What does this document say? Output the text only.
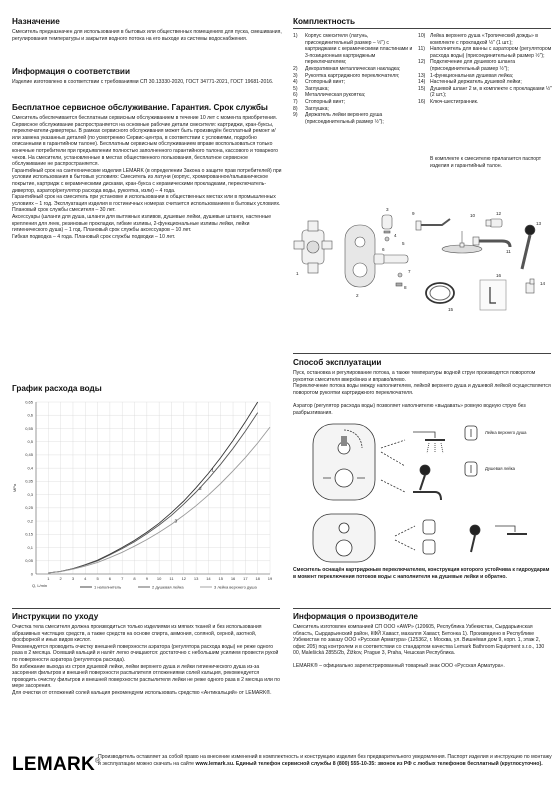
Назначение

Смеситель предназначен для использования в бытовых или общественных помещениях для пуска, смешивания, регулирования температуры и закрытия водного потока на его выходе из системы водоснабжения.

Информация о соответствии

Изделие изготовлено в соответствии с требованиями СП 30.13330-2020, ГОСТ 34771-2021, ГОСТ 19681-2016.

Бесплатное сервисное обслуживание. Гарантия. Срок службы

Смеситель обеспечивается бесплатным сервисным обслуживанием в течение 10 лет с момента приобретения. Сервисное обслуживание распространяется на основные рабочие детали смесителя: картриджи, кран-буксы, переключатели-дивертеры. В рамках сервисного обслуживания может быть произведён бесплатный ремонт и/или замена указанных деталей (по усмотрению Сервис-центра, в соответствии с условиями, подробно описанными в гарантийном талоне). Бесплатным сервисным обслуживанием вправе воспользоваться только конечные потребители при предъявлении полностью заполненного гарантийного талона, кассового и товарного чеков. На смесители, установленные в местах общественного пользования, бесплатное сервисное обслуживание не распространяется.

Гарантийный срок на сантехнические изделия LEMARK (в определении Закона о защите прав потребителей) при условии использования в бытовых условиях: Смеситель из латуни (корпус, хромированное/гальваническое покрытие, картридж с керамическими дисками, кран-букса с керамическими прокладками, переключатель-дивертор, аэратор/регулятор расхода воды, рукоятка, изли) – 4 года.

Гарантийный срок на смеситель при установке и использовании в общественных местах или в промышленных условиях – 1 год. Эксплуатация изделия в гостиничных номерах считается использованием в бытовых условиях.

Плановый срок службы смесителя – 30 лет.

Аксессуары (шланги для душа, шланги для вытяжных изливов, душевые лейки, душевые штанги, настенные крепления для леек, резиновые прокладки, гибкие изливы, 2-функциональные изливы лейки, лейки гигиенического душа) – 1 год. Плановый срок службы аксессуаров – 10 лет.

Гибкая подводка – 4 года. Плановый срок службы подводки – 10 лет.

График расхода воды
0
0,05
0,1
0,15
0,2
0,25
0,3
0,35
0,4
0,45
0,5
0,55
0,6
0,65
1	2	3	4	5	6	7	8	9 10 11 12 13 14 15 16 17 18 19
MPa
Q, L/min
1
2
3
1 наполнитель	2 душевая лейка	3 лейка верхнего душа
Комплектность
1)	Корпус смесителя (латунь, присоединительный размер – ½") с картриджами с керамическими пластинами и 3-позиционным картриджным переключателем;
2)	Декоративная металлическая накладка;
3)	Рукоятка картриджного переключателя;
4)	Стопорный винт;
5)	Заглушка;
6)	Металлическая рукоятка;
7)	Стопорный винт;
8)	Заглушка;
9)	Держатель лейки верхнего душа (присоединительный размер ½");
10) Лейка верхнего душа «Тропический дождь» в комплекте с прокладкой ½" (1 шт.);
11) Наполнитель для ванны с аэратором (регулятором расхода воды) (присоединительный размер ½");
12) Подключение для душевого шланга (присоединительный размер ½");
13) 1-функциональная душевая лейка;
14) Настенный держатель душевой лейки;
15) Душевой шланг 2 м, в комплекте с прокладками ½" (2 шт.);
16) Ключ-шестигранник.

В комплекте к смесителю прилагается паспорт изделия и гарантийный талон.

1
2
3
4
5
6
7
8
9	10
11
12
13
14
15
16
Способ эксплуатации

Пуск, остановка и регулирование потока, а также температуры водной струи производятся поворотом рукоятки смесителя вверх/вниз и вправо/влево.

Переключение потока воды между наполнителем, лейкой верхнего душа и душевой лейкой осуществляется поворотом рукоятки картриджного переключателя.

Аэратор (регулятор расхода воды) позволяет наполнителю «выдавать» ровную водную струю без разбрызгивания.

Лейка верхнего душа
Душевая лейка

Смеситель оснащён картриджным переключателем, конструкция которого устойчива к гидроударам в момент переключения потоков воды с наполнителя на душевые лейки и обратно.

Инструкции по уходу

Очистка тела смесителя должна производиться только изделиями из мягких тканей и без использования абразивных чистящих средств, а также средств на основе спирта, аммония, соляной, серной, азотной, фосфорной и иных видов кислот.

Рекомендуется проводить очистку внешней поверхности аэратора (регулятора расхода воды) не реже одного раза в 2 месяца. Осевший кальций и налёт легко очищаются: достаточно с небольшим усилием провести рукой по поверхности аэратора (регулятора расхода).

Во избежание выхода из строя душевой лейки, лейки верхнего душа и лейки гигиенического душа из-за засорения фильтров и внешней поверхности распылителя отложениями солей кальция, рекомендуется проводить очистку фильтров и внешней поверхности распылителя лейки не реже одного раза в 2 месяца или по мере засорения.

Для очистки от отложений солей кальция рекомендуем использовать средство «Антикальций» от LEMARK®.

Информация о производителе

Смеситель изготовлен компанией СП ООО «AWP» (120605, Республика Узбекистан, Сырдарьинская область, Сырдарьинский район, КФЙ Хаваст, махалля Хаваст, Бетонка 1). Произведено в Республике Узбекистан по заказу ООО «Русская Арматура» (125362, г. Москва, ул. Вишнёвая дом 9, корп. 1, этаж 2, офис 205) под контролем и в соответствии со стандартом качества Lemark Bathroom Equipment s.r.o., 130 00, Malešická 2855/2b, Žižkov, Prague 3, Praha, Чешская Республика.

LEMARK® – официально зарегистрированный товарный знак ООО «Русская Арматура».

LEMARK ®

Производитель оставляет за собой право на внесение изменений в комплектность и конструкцию изделия без предварительного уведомления. Паспорт изделия и инструкцию по монтажу и эксплуатации можно скачать на сайте www.lemark.su. Единый телефон сервисной службы 8 (800) 555-10-35: звонок из РФ с любых телефонов бесплатный (круглосуточно).
